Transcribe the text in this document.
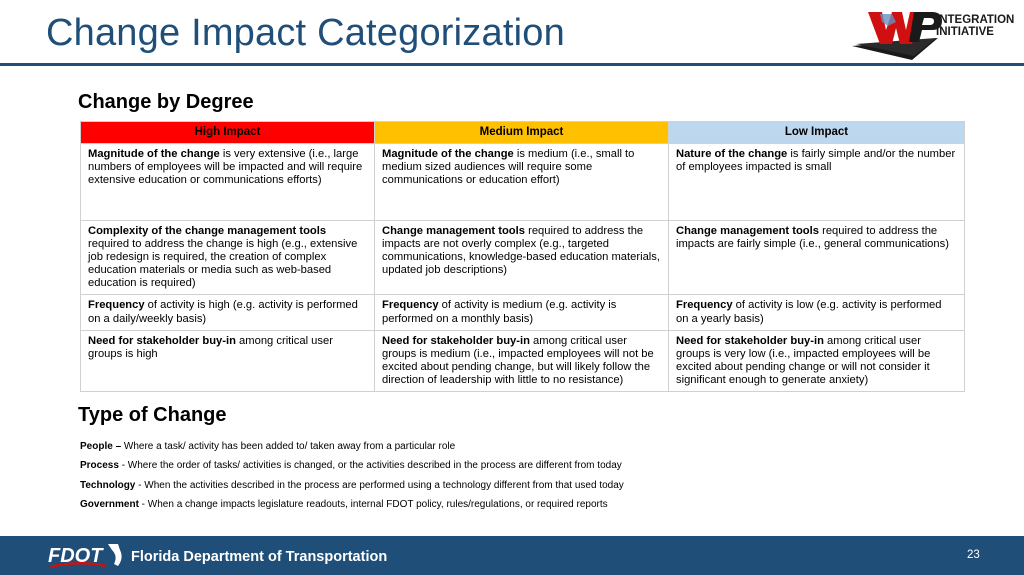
Change Impact Categorization	INTEGRATION
INITIATIVE
Change by Degree
High Impact	Medium Impact	Low Impact
Magnitude of the change is very extensive (i.e., large numbers of employees will be impacted and will require extensive education or communications efforts)	Magnitude of the change is medium (i.e., small to medium sized audiences will require some communications or education effort)	Nature of the change is fairly simple and/or the number of employees impacted is small
Complexity of the change management tools required to address the change is high (e.g., extensive job redesign is required, the creation of complex education materials or media such as web-based education is required)	Change management tools required to address the impacts are not overly complex (e.g., targeted communications, knowledge-based education materials, updated job descriptions)	Change management tools required to address the impacts are fairly simple (i.e., general communications)
Frequency of activity is high (e.g. activity is performed on a daily/weekly basis)	Frequency of activity is medium (e.g. activity is performed on a monthly basis)	Frequency of activity is low (e.g. activity is performed on a yearly basis)
Need for stakeholder buy-in among critical user groups is high	Need for stakeholder buy-in among critical user groups is medium (i.e., impacted employees will not be excited about pending change, but will likely follow the direction of leadership with little to no resistance)	Need for stakeholder buy-in among critical user groups is very low (i.e., impacted employees will be excited about pending change or will not consider it significant enough to generate anxiety)
Type of Change
People – Where a task/ activity has been added to/ taken away from a particular role
Process - Where the order of tasks/ activities is changed, or the activities described in the process are different from today
Technology - When the activities described in the process are performed using a technology different from that used today
Government - When a change impacts legislature readouts, internal FDOT policy, rules/regulations, or required reports
FDOT Florida Department of Transportation	23
